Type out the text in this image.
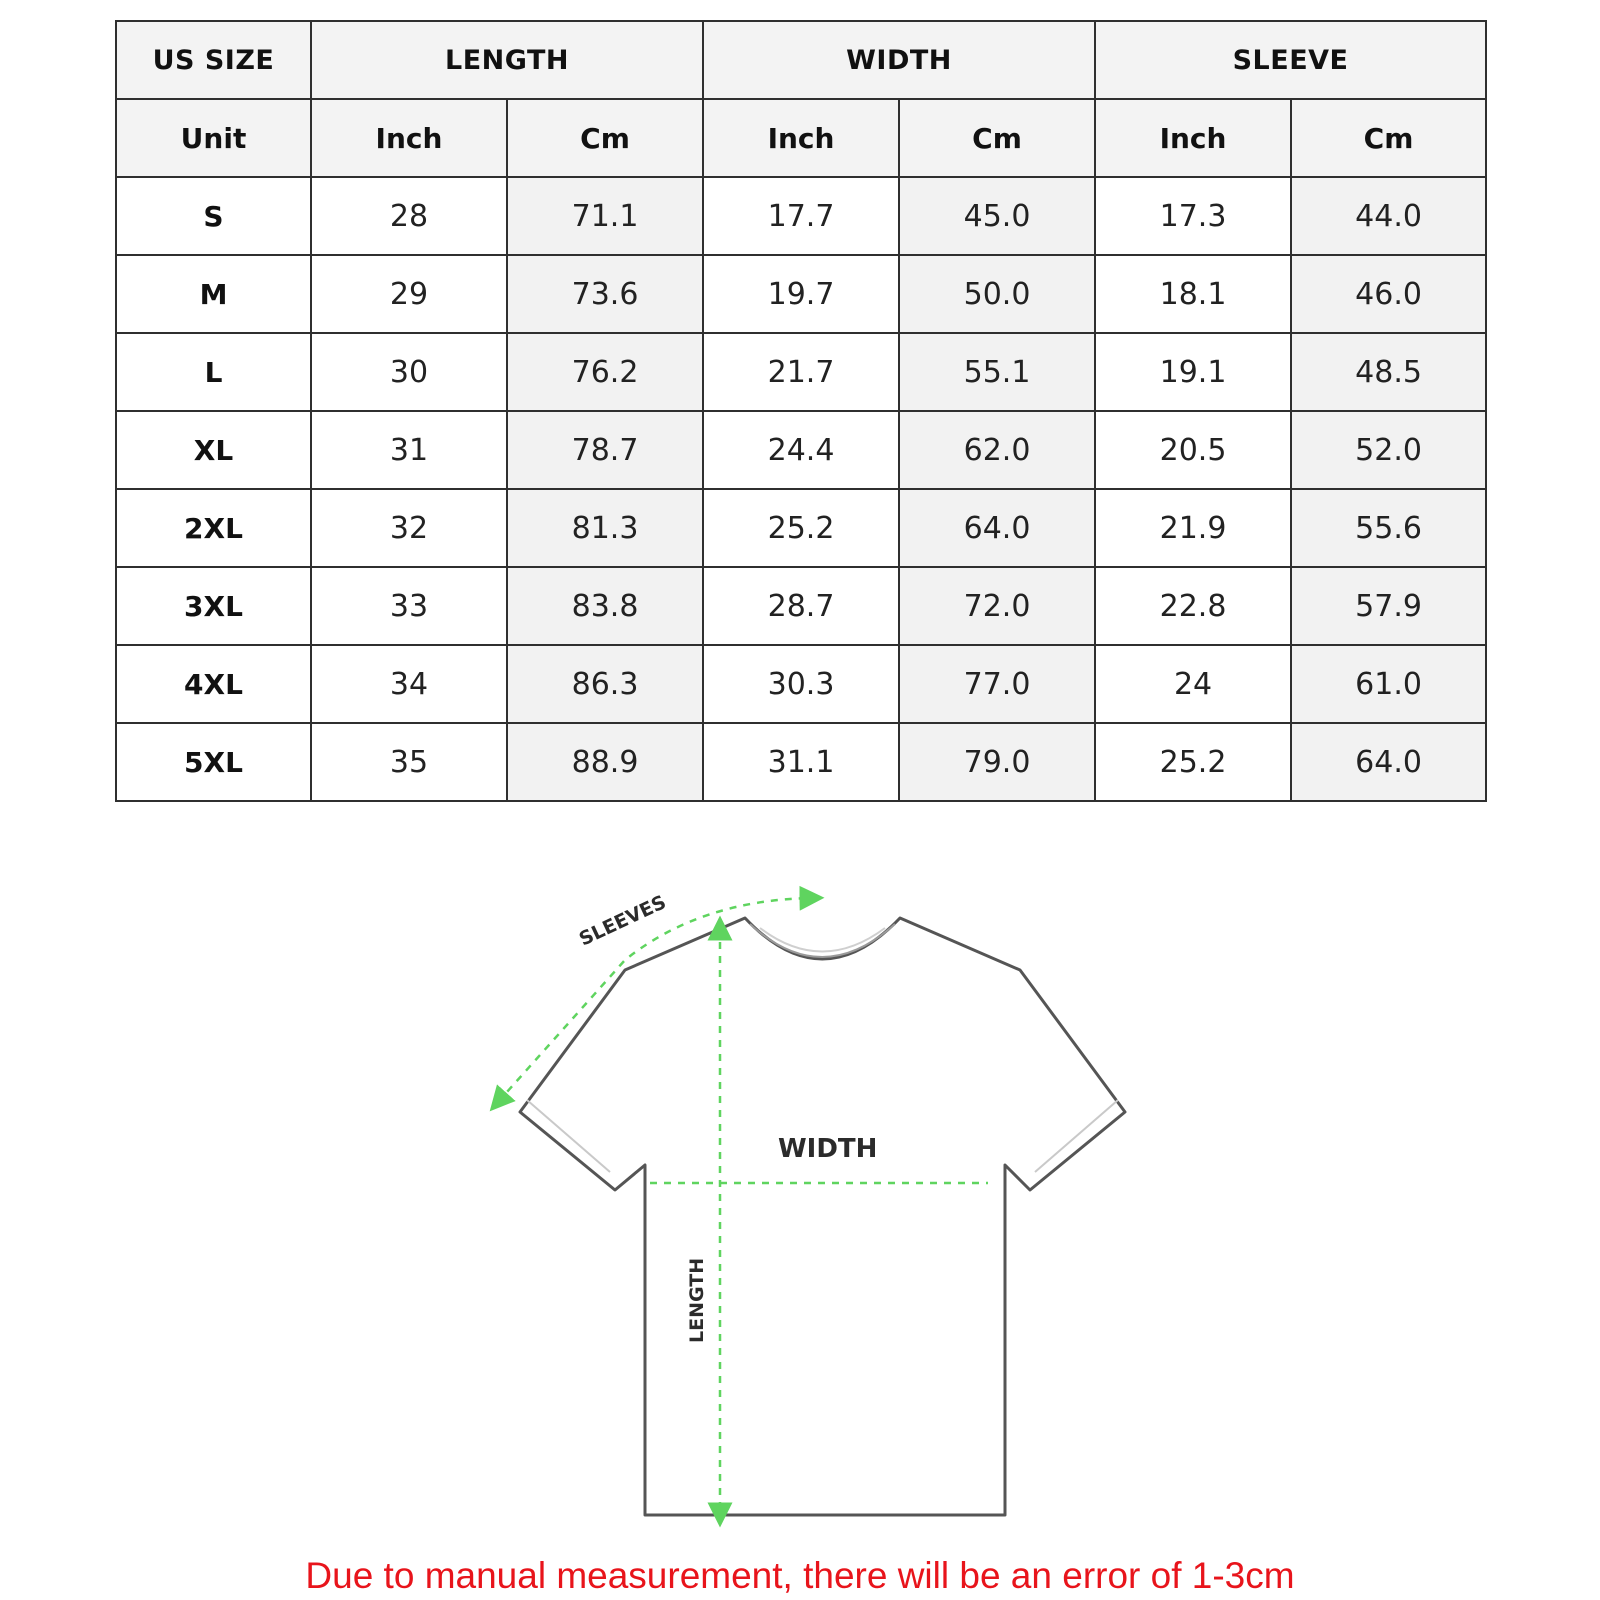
US SIZE	LENGTH		WIDTH		SLEEVE	
Unit	Inch	Cm	Inch	Cm	Inch	Cm
S	28	71.1	17.7	45.0	17.3	44.0
M	29	73.6	19.7	50.0	18.1	46.0
L	30	76.2	21.7	55.1	19.1	48.5
XL	31	78.7	24.4	62.0	20.5	52.0
2XL	32	81.3	25.2	64.0	21.9	55.6
3XL	33	83.8	28.7	72.0	22.8	57.9
4XL	34	86.3	30.3	77.0	24	61.0
5XL	35	88.9	31.1	79.0	25.2	64.0
SLEEVES
WIDTH
LENGTH
Due to manual measurement, there will be an error of 1-3cm
